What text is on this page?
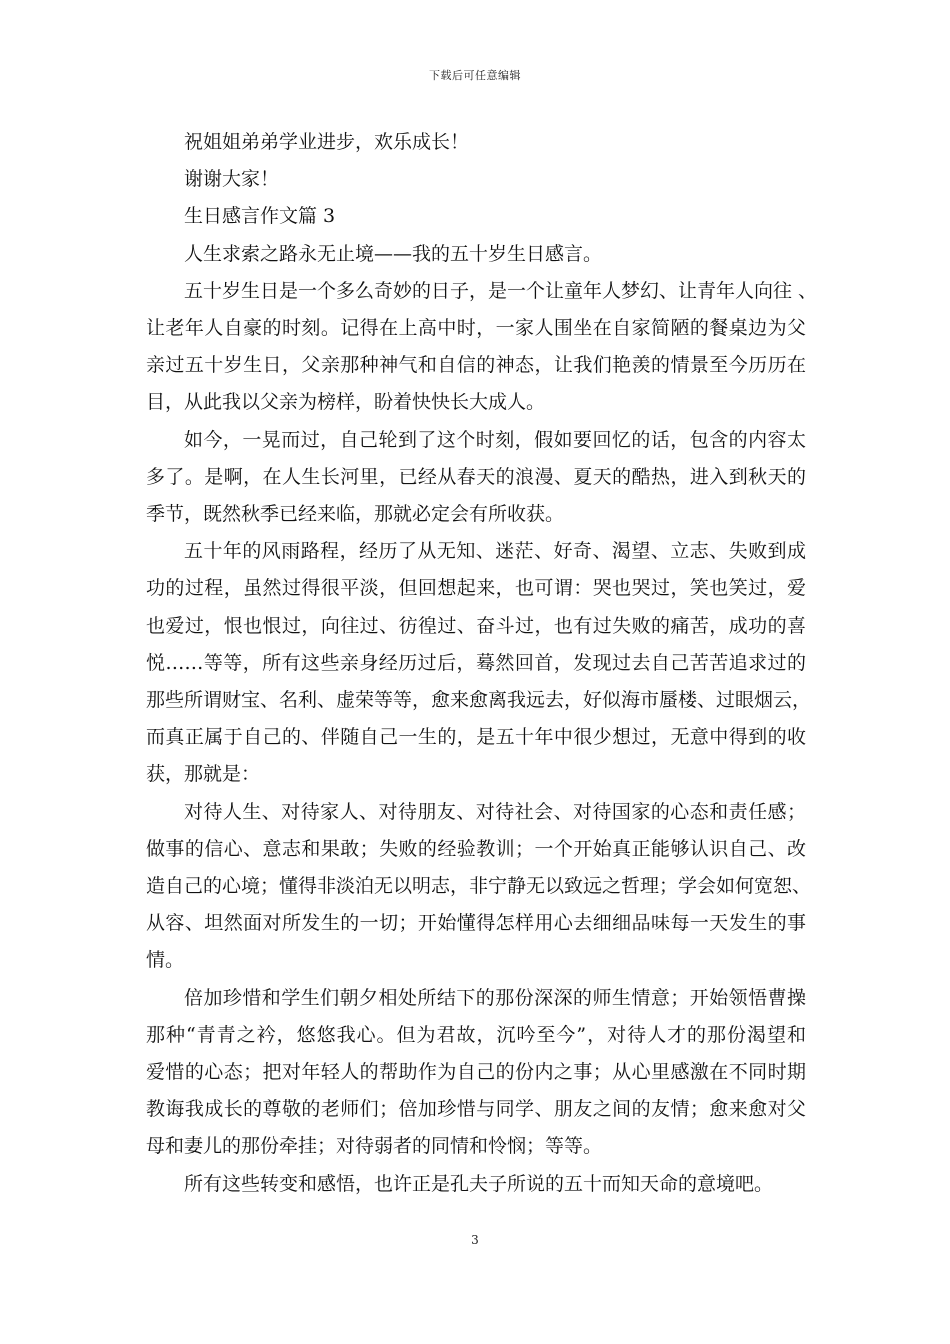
下载后可任意编辑
祝姐姐弟弟学业进步，欢乐成长！
谢谢大家！
生日感言作文篇 3
人生求索之路永无止境——我的五十岁生日感言。
五十岁生日是一个多么奇妙的日子，是一个让童年人梦幻、让青年人向往 、
让老年人自豪的时刻。记得在上高中时，一家人围坐在自家简陋的餐桌边为父
亲过五十岁生日，父亲那种神气和自信的神态，让我们艳羡的情景至今历历在
目，从此我以父亲为榜样，盼着快快长大成人。
如今，一晃而过，自己轮到了这个时刻，假如要回忆的话，包含的内容太
多了。是啊，在人生长河里，已经从春天的浪漫、夏天的酷热，进入到秋天的
季节，既然秋季已经来临，那就必定会有所收获。
五十年的风雨路程，经历了从无知、迷茫、好奇、渴望、立志、失败到成
功的过程，虽然过得很平淡，但回想起来，也可谓：哭也哭过，笑也笑过，爱
也爱过，恨也恨过，向往过、彷徨过、奋斗过，也有过失败的痛苦，成功的喜
悦……等等，所有这些亲身经历过后，蓦然回首，发现过去自己苦苦追求过的
那些所谓财宝、名利、虚荣等等，愈来愈离我远去，好似海市蜃楼、过眼烟云，
而真正属于自己的、伴随自己一生的，是五十年中很少想过，无意中得到的收
获，那就是：
对待人生、对待家人、对待朋友、对待社会、对待国家的心态和责任感；
做事的信心、意志和果敢；失败的经验教训；一个开始真正能够认识自己、改
造自己的心境；懂得非淡泊无以明志，非宁静无以致远之哲理；学会如何宽恕、
从容、坦然面对所发生的一切；开始懂得怎样用心去细细品味每一天发生的事
情。
倍加珍惜和学生们朝夕相处所结下的那份深深的师生情意；开始领悟曹操
那种“青青之衿，悠悠我心。但为君故，沉吟至今”，对待人才的那份渴望和
爱惜的心态；把对年轻人的帮助作为自己的份内之事；从心里感激在不同时期
教诲我成长的尊敬的老师们；倍加珍惜与同学、朋友之间的友情；愈来愈对父
母和妻儿的那份牵挂；对待弱者的同情和怜悯；等等。
所有这些转变和感悟，也许正是孔夫子所说的五十而知天命的意境吧。
3
